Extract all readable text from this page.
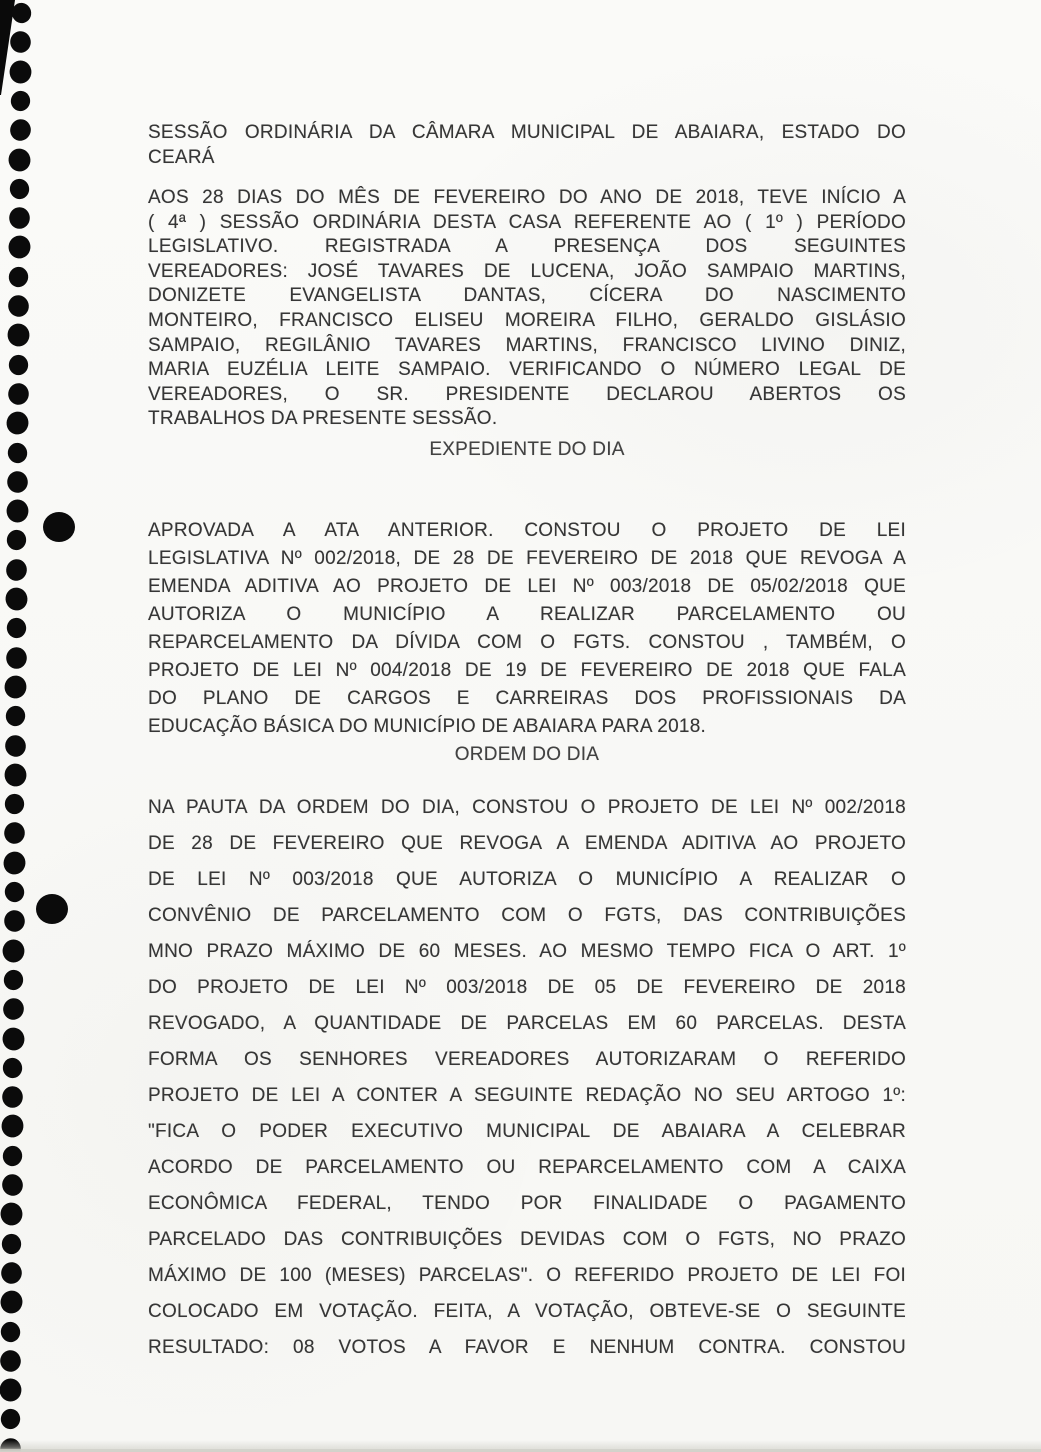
SESSÃO ORDINÁRIA DA CÂMARA MUNICIPAL DE ABAIARA, ESTADO DO
CEARÁ
AOS 28 DIAS DO MÊS DE FEVEREIRO DO ANO DE 2018, TEVE INÍCIO A
( 4ª ) SESSÃO ORDINÁRIA DESTA CASA REFERENTE AO ( 1º ) PERÍODO
LEGISLATIVO. REGISTRADA A PRESENÇA DOS SEGUINTES
VEREADORES: JOSÉ TAVARES DE LUCENA, JOÃO SAMPAIO MARTINS,
DONIZETE EVANGELISTA DANTAS, CÍCERA DO NASCIMENTO
MONTEIRO, FRANCISCO ELISEU MOREIRA FILHO, GERALDO GISLÁSIO
SAMPAIO, REGILÂNIO TAVARES MARTINS, FRANCISCO LIVINO DINIZ,
MARIA EUZÉLIA LEITE SAMPAIO. VERIFICANDO O NÚMERO LEGAL DE
VEREADORES, O SR. PRESIDENTE DECLAROU ABERTOS OS
TRABALHOS DA PRESENTE SESSÃO.
EXPEDIENTE DO DIA
APROVADA A ATA ANTERIOR. CONSTOU O PROJETO DE LEI
LEGISLATIVA Nº 002/2018, DE 28 DE FEVEREIRO DE 2018 QUE REVOGA A
EMENDA ADITIVA AO PROJETO DE LEI Nº 003/2018 DE 05/02/2018 QUE
AUTORIZA O MUNICÍPIO A REALIZAR PARCELAMENTO OU
REPARCELAMENTO DA DÍVIDA COM O FGTS. CONSTOU , TAMBÉM, O
PROJETO DE LEI Nº 004/2018 DE 19 DE FEVEREIRO DE 2018 QUE FALA
DO PLANO DE CARGOS E CARREIRAS DOS PROFISSIONAIS DA
EDUCAÇÃO BÁSICA DO MUNICÍPIO DE ABAIARA PARA 2018.
ORDEM DO DIA
NA PAUTA DA ORDEM DO DIA, CONSTOU O PROJETO DE LEI Nº 002/2018
DE 28 DE FEVEREIRO QUE REVOGA A EMENDA ADITIVA AO PROJETO
DE LEI Nº 003/2018 QUE AUTORIZA O MUNICÍPIO A REALIZAR O
CONVÊNIO DE PARCELAMENTO COM O FGTS, DAS CONTRIBUIÇÕES
MNO PRAZO MÁXIMO DE 60 MESES. AO MESMO TEMPO FICA O ART. 1º
DO PROJETO DE LEI Nº 003/2018 DE 05 DE FEVEREIRO DE 2018
REVOGADO, A QUANTIDADE DE PARCELAS EM 60 PARCELAS. DESTA
FORMA OS SENHORES VEREADORES AUTORIZARAM O REFERIDO
PROJETO DE LEI A CONTER A SEGUINTE REDAÇÃO NO SEU ARTOGO 1º:
"FICA O PODER EXECUTIVO MUNICIPAL DE ABAIARA A CELEBRAR
ACORDO DE PARCELAMENTO OU REPARCELAMENTO COM A CAIXA
ECONÔMICA FEDERAL, TENDO POR FINALIDADE O PAGAMENTO
PARCELADO DAS CONTRIBUIÇÕES DEVIDAS COM O FGTS, NO PRAZO
MÁXIMO DE 100 (MESES) PARCELAS". O REFERIDO PROJETO DE LEI FOI
COLOCADO EM VOTAÇÃO. FEITA, A VOTAÇÃO, OBTEVE-SE O SEGUINTE
RESULTADO: 08 VOTOS A FAVOR E NENHUM CONTRA. CONSTOU
